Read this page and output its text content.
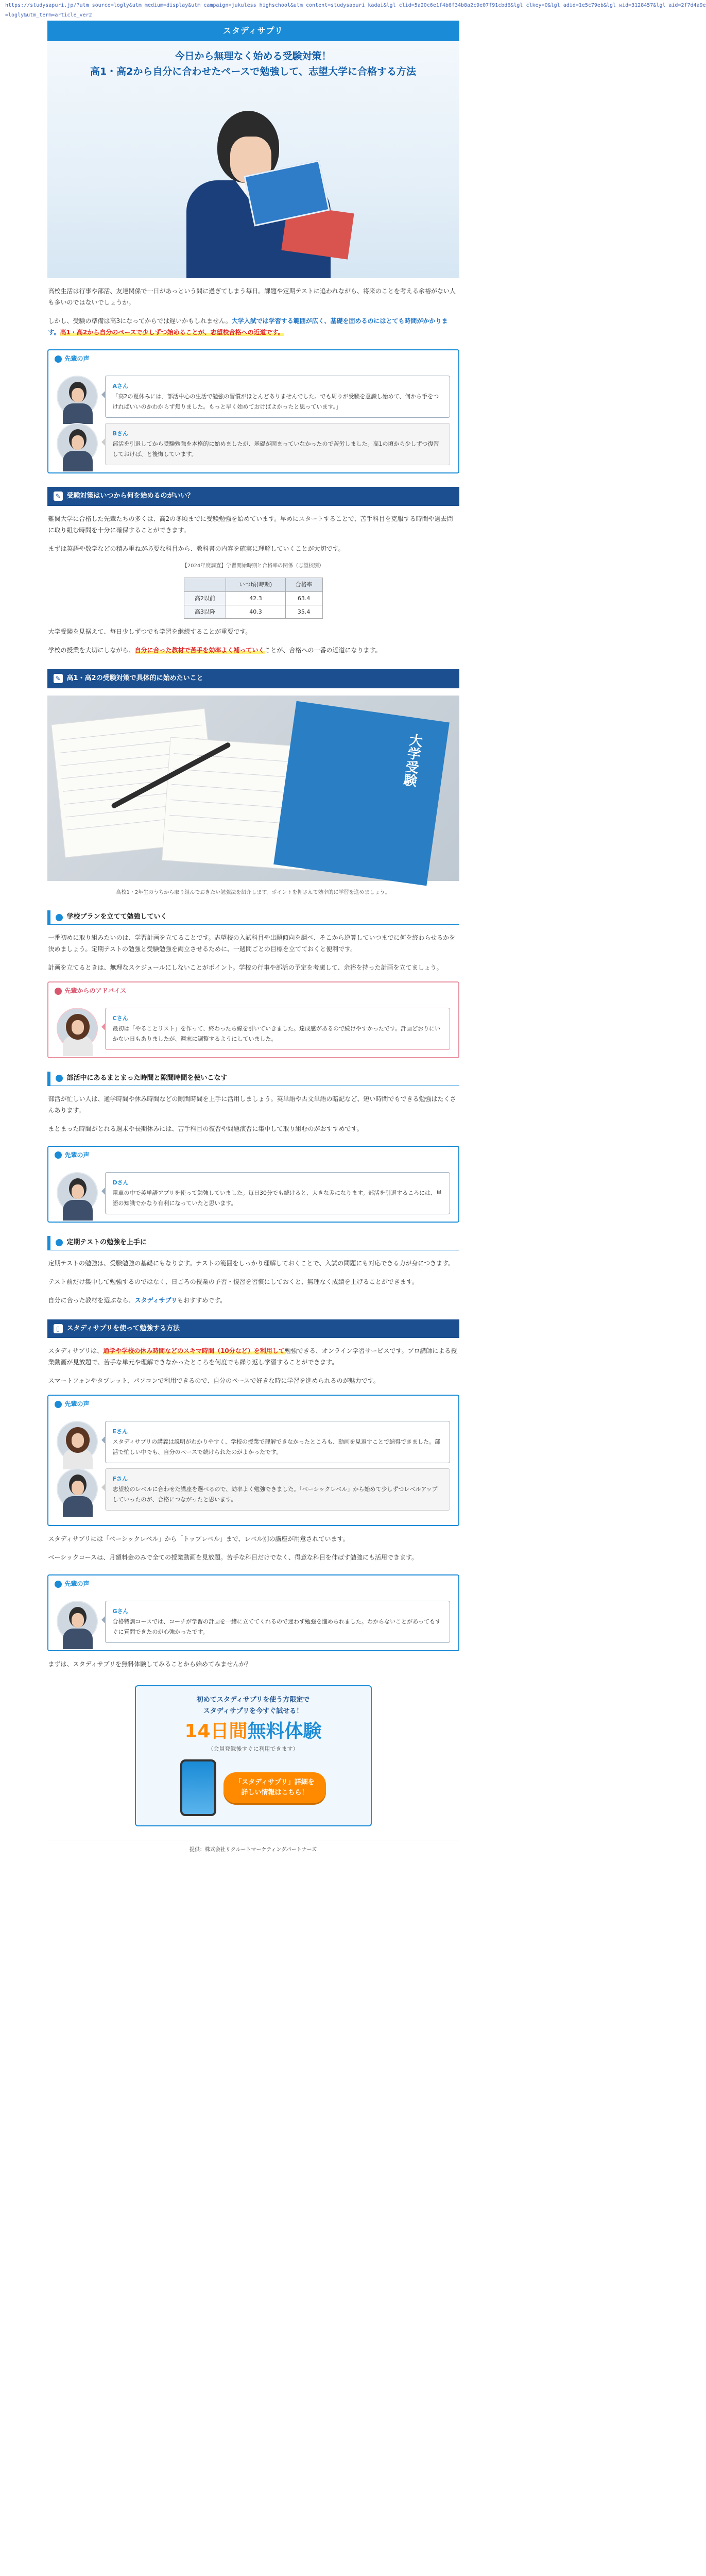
https://studysapuri.jp/?utm_source=logly&utm_medium=display&utm_campaign=jukuless_highschool&utm_content=studysapuri_kadai&lgl_clid=5a20c6e1f4b6f34b8a2c9e07f91cbd6&lgl_clkey=0&lgl_adid=1e5c79eb&lgl_wid=3128457&lgl_aid=2f7d4a9e
=logly&utm_term=article_ver2
スタディサプリ
今日から無理なく始める受験対策！
高1・高2から自分に合わせたペースで勉強して、志望大学に合格する方法

高校生活は行事や部活、友達関係で一日があっという間に過ぎてしまう毎日。課題や定期テストに追われながら、将来のことを考える余裕がない人も多いのではないでしょうか。

しかし、受験の準備は高3になってからでは遅いかもしれません。大学入試では学習する範囲が広く、基礎を固めるのにはとても時間がかかります。高1・高2から自分のペースで少しずつ始めることが、志望校合格への近道です。

先輩の声
Aさん
「高2の夏休みには、部活中心の生活で勉強の習慣がほとんどありませんでした。でも周りが受験を意識し始めて、何から手をつければいいのかわからず焦りました。もっと早く始めておけばよかったと思っています。」
Bさん
部活を引退してから受験勉強を本格的に始めましたが、基礎が固まっていなかったので苦労しました。高1の頃から少しずつ復習しておけば、と後悔しています。
✎ 受験対策はいつから何を始めるのがいい？

難関大学に合格した先輩たちの多くは、高2の冬頃までに受験勉強を始めています。早めにスタートすることで、苦手科目を克服する時間や過去問に取り組む時間を十分に確保することができます。

まずは英語や数学などの積み重ねが必要な科目から、教科書の内容を確実に理解していくことが大切です。

【2024年度調査】学習開始時期と合格率の関係（志望校別）

	いつ頃(時期)	合格率
高2以前	42.3	63.4
高3以降	40.3	35.4

大学受験を見据えて、毎日少しずつでも学習を継続することが重要です。

学校の授業を大切にしながら、自分に合った教材で苦手を効率よく補っていくことが、合格への一番の近道になります。

✎ 高1・高2の受験対策で具体的に始めたいこと
大学受験

高校1・2年生のうちから取り組んでおきたい勉強法を紹介します。ポイントを押さえて効率的に学習を進めましょう。

学校プランを立てて勉強していく

一番初めに取り組みたいのは、学習計画を立てることです。志望校の入試科目や出題傾向を調べ、そこから逆算していつまでに何を終わらせるかを決めましょう。定期テストの勉強と受験勉強を両立させるために、一週間ごとの目標を立てておくと便利です。

計画を立てるときは、無理なスケジュールにしないことがポイント。学校の行事や部活の予定を考慮して、余裕を持った計画を立てましょう。

先輩からのアドバイス
Cさん
最初は「やることリスト」を作って、終わったら線を引いていきました。達成感があるので続けやすかったです。計画どおりにいかない日もありましたが、週末に調整するようにしていました。
部活中にあるまとまった時間と隙間時間を使いこなす

部活が忙しい人は、通学時間や休み時間などの隙間時間を上手に活用しましょう。英単語や古文単語の暗記など、短い時間でもできる勉強はたくさんあります。

まとまった時間がとれる週末や長期休みには、苦手科目の復習や問題演習に集中して取り組むのがおすすめです。

先輩の声
Dさん
電車の中で英単語アプリを使って勉強していました。毎日30分でも続けると、大きな差になります。部活を引退するころには、単語の知識でかなり有利になっていたと思います。
定期テストの勉強を上手に

定期テストの勉強は、受験勉強の基礎にもなります。テストの範囲をしっかり理解しておくことで、入試の問題にも対応できる力が身につきます。

テスト前だけ集中して勉強するのではなく、日ごろの授業の予習・復習を習慣にしておくと、無理なく成績を上げることができます。

自分に合った教材を選ぶなら、スタディサプリもおすすめです。

▯	スタディサプリを使って勉強する方法

スタディサプリは、通学や学校の休み時間などのスキマ時間（10分など）を利用して勉強できる、オンライン学習サービスです。プロ講師による授業動画が見放題で、苦手な単元や理解できなかったところを何度でも繰り返し学習することができます。

スマートフォンやタブレット、パソコンで利用できるので、自分のペースで好きな時に学習を進められるのが魅力です。

先輩の声
Eさん
スタディサプリの講義は説明がわかりやすく、学校の授業で理解できなかったところも、動画を見返すことで納得できました。部活で忙しい中でも、自分のペースで続けられたのがよかったです。
Fさん
志望校のレベルに合わせた講座を選べるので、効率よく勉強できました。「ベーシックレベル」から始めて少しずつレベルアップしていったのが、合格につながったと思います。

スタディサプリには「ベーシックレベル」から「トップレベル」まで、レベル別の講座が用意されています。

ベーシックコースは、月額料金のみで全ての授業動画を見放題。苦手な科目だけでなく、得意な科目を伸ばす勉強にも活用できます。

先輩の声
Gさん
合格特訓コースでは、コーチが学習の計画を一緒に立ててくれるので迷わず勉強を進められました。わからないことがあってもすぐに質問できたのが心強かったです。

まずは、スタディサプリを無料体験してみることから始めてみませんか？

初めてスタディサプリを使う方限定で
スタディサプリを今すぐ試せる！
14日間無料体験
（会員登録後すぐに利用できます）
「スタディサプリ」詳細を
詳しい情報はこちら！
提供：株式会社リクルートマーケティングパートナーズ
